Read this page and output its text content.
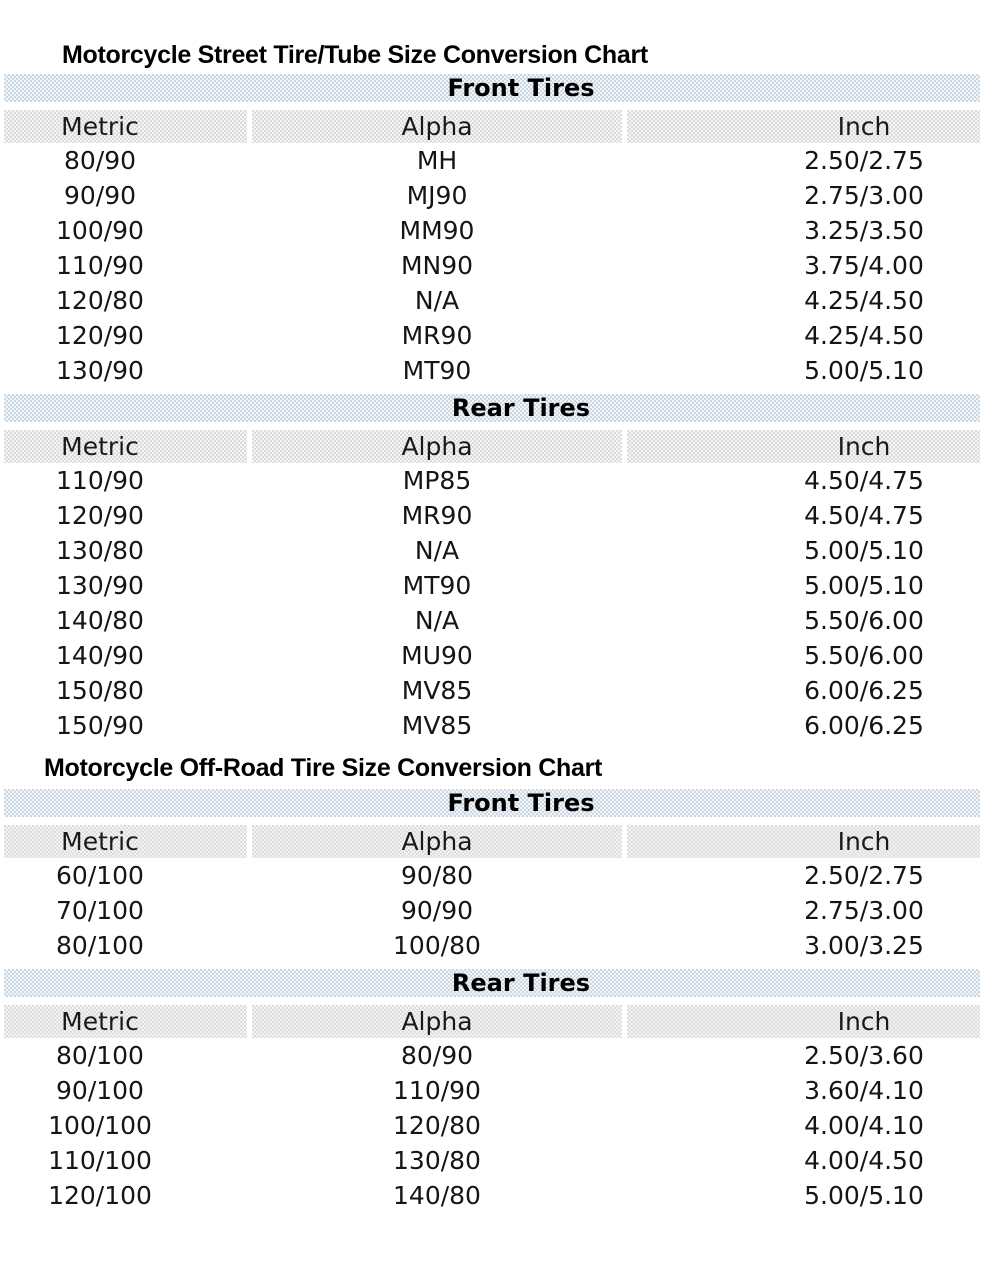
Motorcycle Street Tire/Tube Size Conversion Chart
Front Tires
Metric	Alpha	Inch
80/90	MH	2.50/2.75
90/90	MJ90	2.75/3.00
100/90	MM90	3.25/3.50
110/90	MN90	3.75/4.00
120/80	N/A	4.25/4.50
120/90	MR90	4.25/4.50
130/90	MT90	5.00/5.10
Rear Tires
Metric	Alpha	Inch
110/90	MP85	4.50/4.75
120/90	MR90	4.50/4.75
130/80	N/A	5.00/5.10
130/90	MT90	5.00/5.10
140/80	N/A	5.50/6.00
140/90	MU90	5.50/6.00
150/80	MV85	6.00/6.25
150/90	MV85	6.00/6.25
Motorcycle Off-Road Tire Size Conversion Chart
Front Tires
Metric	Alpha	Inch
60/100	90/80	2.50/2.75
70/100	90/90	2.75/3.00
80/100	100/80	3.00/3.25
Rear Tires
Metric	Alpha	Inch
80/100	80/90	2.50/3.60
90/100	110/90	3.60/4.10
100/100	120/80	4.00/4.10
110/100	130/80	4.00/4.50
120/100	140/80	5.00/5.10
